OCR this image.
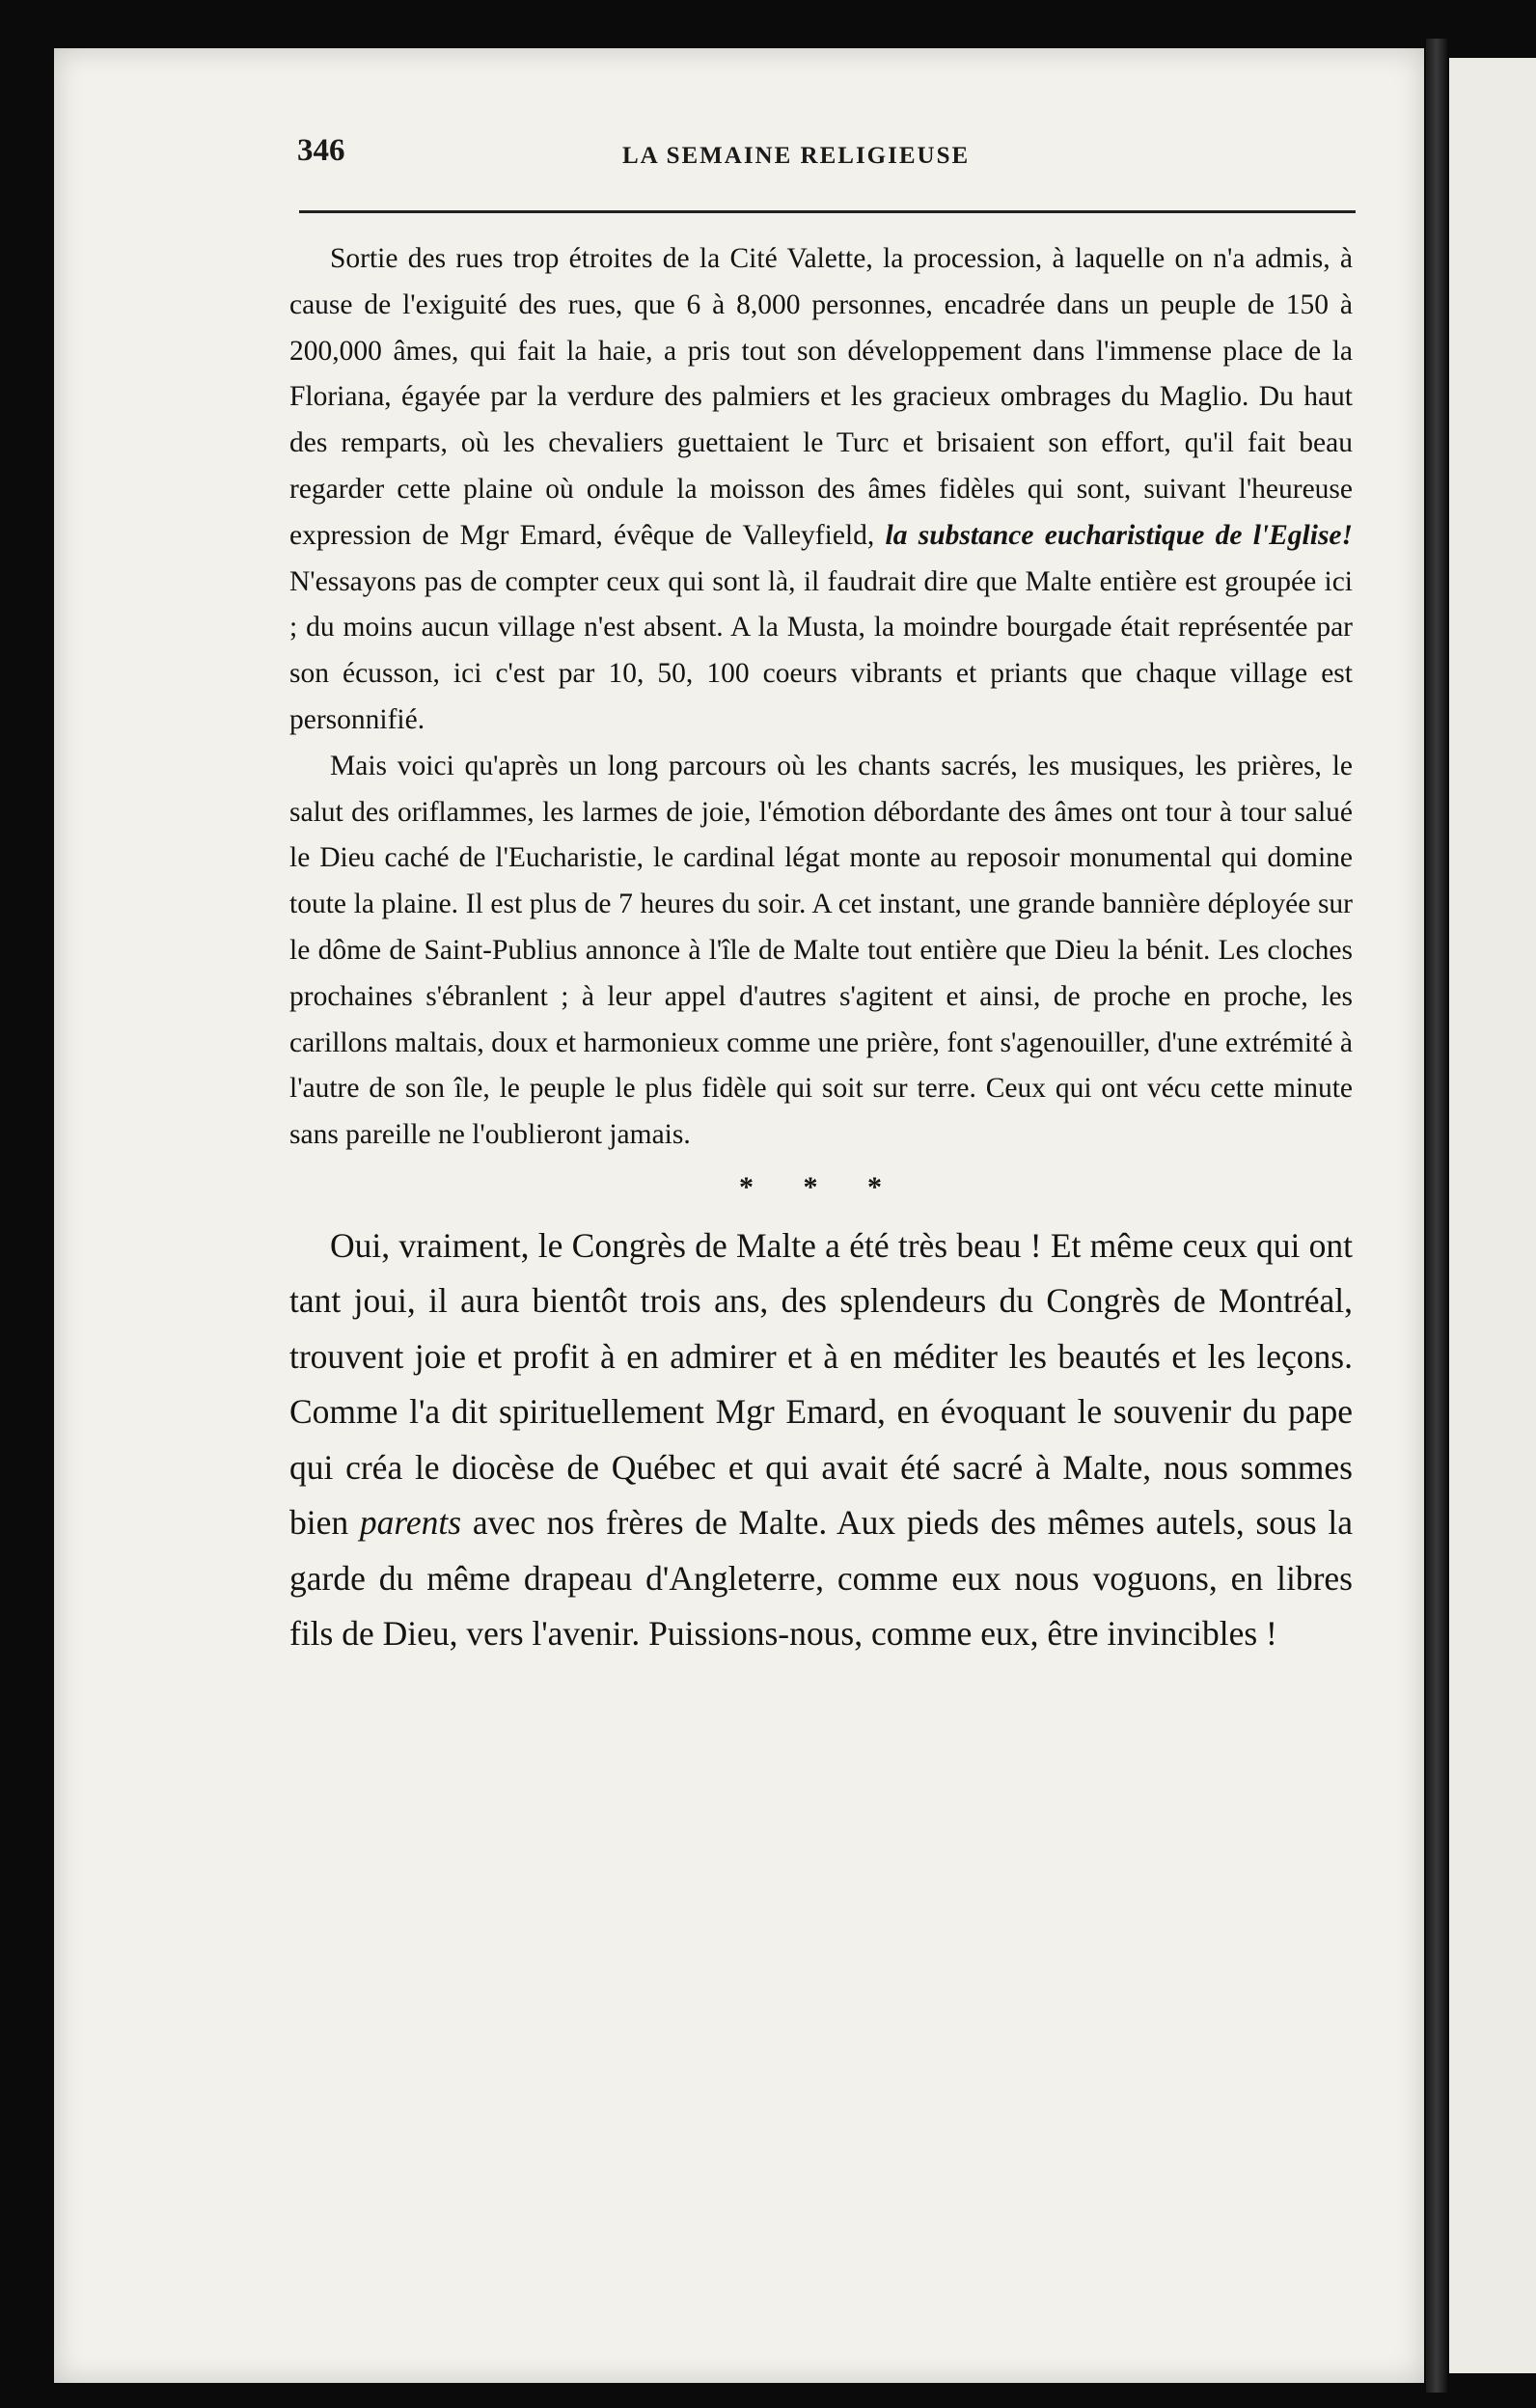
346	LA SEMAINE RELIGIEUSE

Sortie des rues trop étroites de la Cité Valette, la procession, à laquelle on n'a admis, à cause de l'exiguité des rues, que 6 à 8,000 personnes, encadrée dans un peuple de 150 à 200,000 âmes, qui fait la haie, a pris tout son développement dans l'immense place de la Floriana, égayée par la verdure des palmiers et les gracieux ombrages du Maglio. Du haut des remparts, où les chevaliers guettaient le Turc et brisaient son effort, qu'il fait beau regarder cette plaine où ondule la moisson des âmes fidèles qui sont, suivant l'heureuse expression de Mgr Emard, évêque de Valleyfield, la substance eucharistique de l'Eglise! N'essayons pas de compter ceux qui sont là, il faudrait dire que Malte entière est groupée ici ; du moins aucun village n'est absent. A la Musta, la moindre bourgade était représentée par son écusson, ici c'est par 10, 50, 100 coeurs vibrants et priants que chaque village est personnifié.

Mais voici qu'après un long parcours où les chants sacrés, les musiques, les prières, le salut des oriflammes, les larmes de joie, l'émotion débordante des âmes ont tour à tour salué le Dieu caché de l'Eucharistie, le cardinal légat monte au reposoir monumental qui domine toute la plaine. Il est plus de 7 heures du soir. A cet instant, une grande bannière déployée sur le dôme de Saint-Publius annonce à l'île de Malte tout entière que Dieu la bénit. Les cloches prochaines s'ébranlent ; à leur appel d'autres s'agitent et ainsi, de proche en proche, les carillons maltais, doux et harmonieux comme une prière, font s'agenouiller, d'une extrémité à l'autre de son île, le peuple le plus fidèle qui soit sur terre. Ceux qui ont vécu cette minute sans pareille ne l'oublieront jamais.

* * *

Oui, vraiment, le Congrès de Malte a été très beau ! Et même ceux qui ont tant joui, il aura bientôt trois ans, des splendeurs du Congrès de Montréal, trouvent joie et profit à en admirer et à en méditer les beautés et les leçons. Comme l'a dit spirituellement Mgr Emard, en évoquant le souvenir du pape qui créa le diocèse de Québec et qui avait été sacré à Malte, nous sommes bien parents avec nos frères de Malte. Aux pieds des mêmes autels, sous la garde du même drapeau d'Angleterre, comme eux nous voguons, en libres fils de Dieu, vers l'avenir. Puissions-nous, comme eux, être invincibles !
